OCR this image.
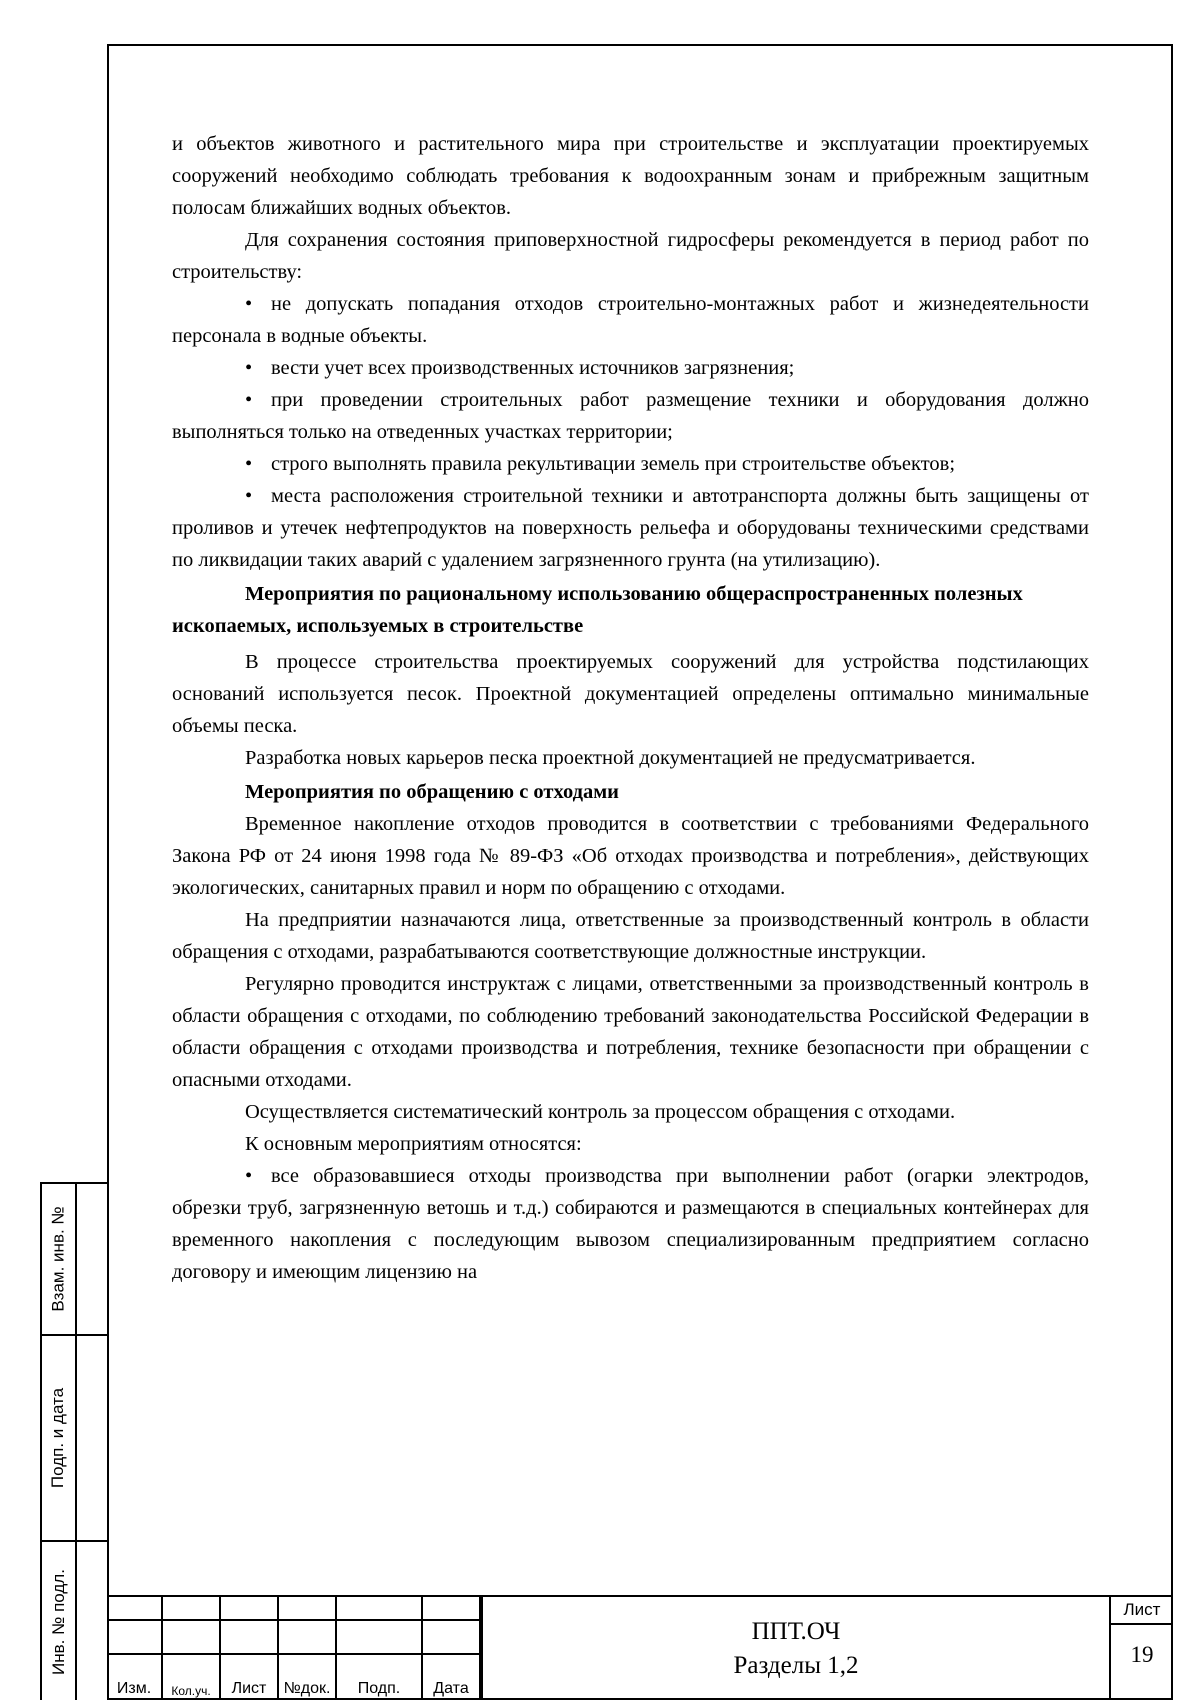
и объектов животного и растительного мира при строительстве и эксплуатации проектируемых сооружений необходимо соблюдать требования к водоохранным зонам и прибрежным защитным полосам ближайших водных объектов.

Для сохранения состояния приповерхностной гидросферы рекомендуется в период работ по строительству:

• не допускать попадания отходов строительно-монтажных работ и жизнедеятельности персонала в водные объекты.

• вести учет всех производственных источников загрязнения;

• при проведении строительных работ размещение техники и оборудования должно выполняться только на отведенных участках территории;

• строго выполнять правила рекультивации земель при строительстве объектов;

• места расположения строительной техники и автотранспорта должны быть защищены от проливов и утечек нефтепродуктов на поверхность рельефа и оборудованы техническими средствами по ликвидации таких аварий с удалением загрязненного грунта (на утилизацию).

Мероприятия по рациональному использованию общераспространенных полезных ископаемых, используемых в строительстве

В процессе строительства проектируемых сооружений для устройства подстилающих оснований используется песок. Проектной документацией определены оптимально минимальные объемы песка.

Разработка новых карьеров песка проектной документацией не предусматривается.

Мероприятия по обращению с отходами

Временное накопление отходов проводится в соответствии с требованиями Федерального Закона РФ от 24 июня 1998 года № 89-ФЗ «Об отходах производства и потребления», действующих экологических, санитарных правил и норм по обращению с отходами.

На предприятии назначаются лица, ответственные за производственный контроль в области обращения с отходами, разрабатываются соответствующие должностные инструкции.

Регулярно проводится инструктаж с лицами, ответственными за производственный контроль в области обращения с отходами, по соблюдению требований законодательства Российской Федерации в области обращения с отходами производства и потребления, технике безопасности при обращении с опасными отходами.

Осуществляется систематический контроль за процессом обращения с отходами.

К основным мероприятиям относятся:

• все образовавшиеся отходы производства при выполнении работ (огарки электродов, обрезки труб, загрязненную ветошь и т.д.) собираются и размещаются в специальных контейнерах для временного накопления с последующим вывозом специализированным предприятием согласно договору и имеющим лицензию на

Взам. инв. №
Подп. и дата
Инв. № подл.
Изм.	Кол.уч.	Лист	№док.	Подп.	Дата
ППТ.ОЧ
Разделы 1,2
Лист
19
